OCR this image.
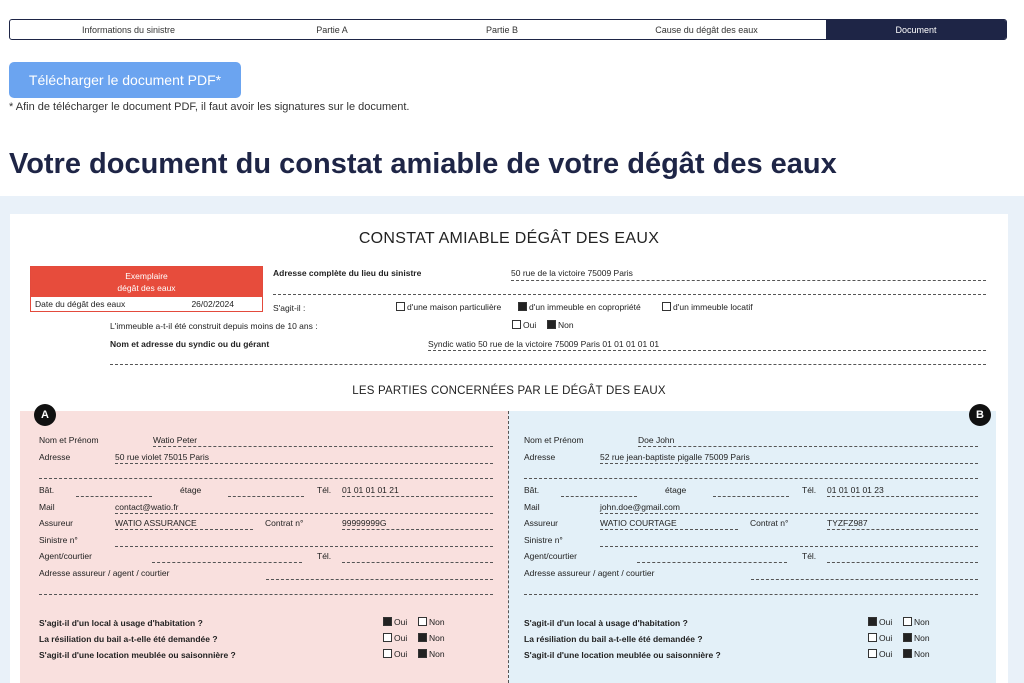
Informations du sinistre	Partie A	Partie B	Cause du dégât des eaux	Document
Télécharger le document PDF*
* Afin de télécharger le document PDF, il faut avoir les signatures sur le document.
Votre document du constat amiable de votre dégât des eaux
CONSTAT AMIABLE DÉGÂT DES EAUX
Exemplaire
dégât des eaux
Date du dégât des eaux	26/02/2024
Adresse complète du lieu du sinistre	50 rue de la victoire 75009 Paris
S'agit-il :	d'une maison particulière	d'un immeuble en copropriété	d'un immeuble locatif
L'immeuble a-t-il été construit depuis moins de 10 ans :	Oui	Non
Nom et adresse du syndic ou du gérant	Syndic watio 50 rue de la victoire 75009 Paris 01 01 01 01 01
LES PARTIES CONCERNÉES PAR LE DÉGÂT DES EAUX
A
Nom et Prénom	Watio Peter
Adresse	50 rue violet 75015 Paris
Bât.	étage	Tél. 01 01 01 01 21
Mail	contact@watio.fr
Assureur	WATIO ASSURANCE	Contrat n°	99999999G
Sinistre n°
Agent/courtier	Tél.
Adresse assureur / agent / courtier
S'agit-il d'un local à usage d'habitation ?	Oui	Non
La résiliation du bail a-t-elle été demandée ?	Oui	Non
S'agit-il d'une location meublée ou saisonnière ?	Oui	Non
B
Nom et Prénom	Doe John
Adresse	52 rue jean-baptiste pigalle 75009 Paris
Bât.	étage	Tél. 01 01 01 01 23
Mail	john.doe@gmail.com
Assureur	WATIO COURTAGE	Contrat n°	TYZFZ987
Sinistre n°
Agent/courtier	Tél.
Adresse assureur / agent / courtier
S'agit-il d'un local à usage d'habitation ?	Oui	Non
La résiliation du bail a-t-elle été demandée ?	Oui	Non
S'agit-il d'une location meublée ou saisonnière ?	Oui	Non
